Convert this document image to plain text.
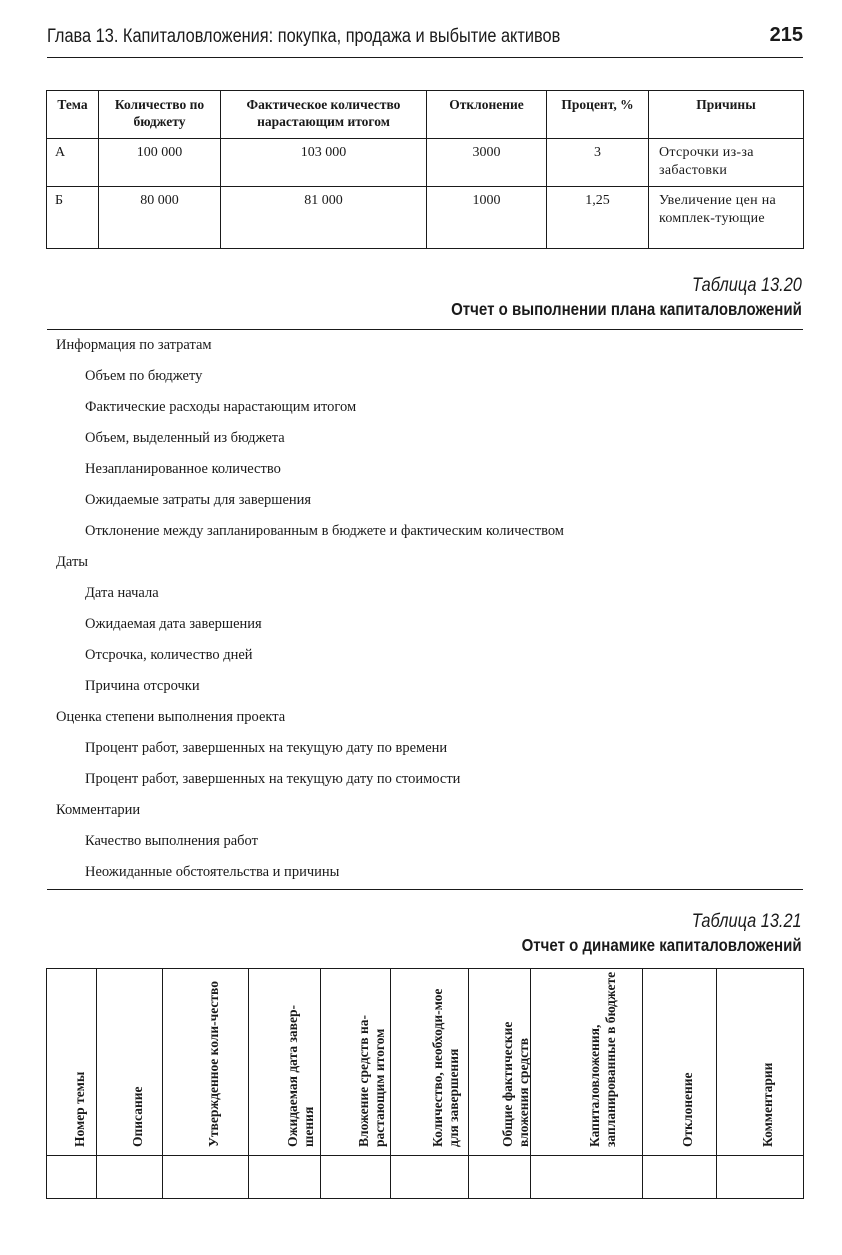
Глава 13. Капиталовложения: покупка, продажа и выбытие активов	215
Тема	Количество по бюджету	Фактическое количество нарастающим итогом	Отклонение	Процент, %	Причины
А	100 000	103 000	3000	3	Отсрочки из-за забастовки
Б	80 000	81 000	1000	1,25	Увеличение цен на комплек-тующие
Таблица 13.20
Отчет о выполнении плана капиталовложений
Информация по затратам
Объем по бюджету
Фактические расходы нарастающим итогом
Объем, выделенный из бюджета
Незапланированное количество
Ожидаемые затраты для завершения
Отклонение между запланированным в бюджете и фактическим количеством
Даты
Дата начала
Ожидаемая дата завершения
Отсрочка, количество дней
Причина отсрочки
Оценка степени выполнения проекта
Процент работ, завершенных на текущую дату по времени
Процент работ, завершенных на текущую дату по стоимости
Комментарии
Качество выполнения работ
Неожиданные обстоятельства и причины
Таблица 13.21
Отчет о динамике капиталовложений
Номер темы	Описание	Утвержденное коли-чество	Ожидаемая дата завер-шения	Вложение средств на-растающим итогом	Количество, необходи-мое для завершения	Общие фактические вложения средств	Капиталовложения, запланированные в бюджете	Отклонение	Комментарии
